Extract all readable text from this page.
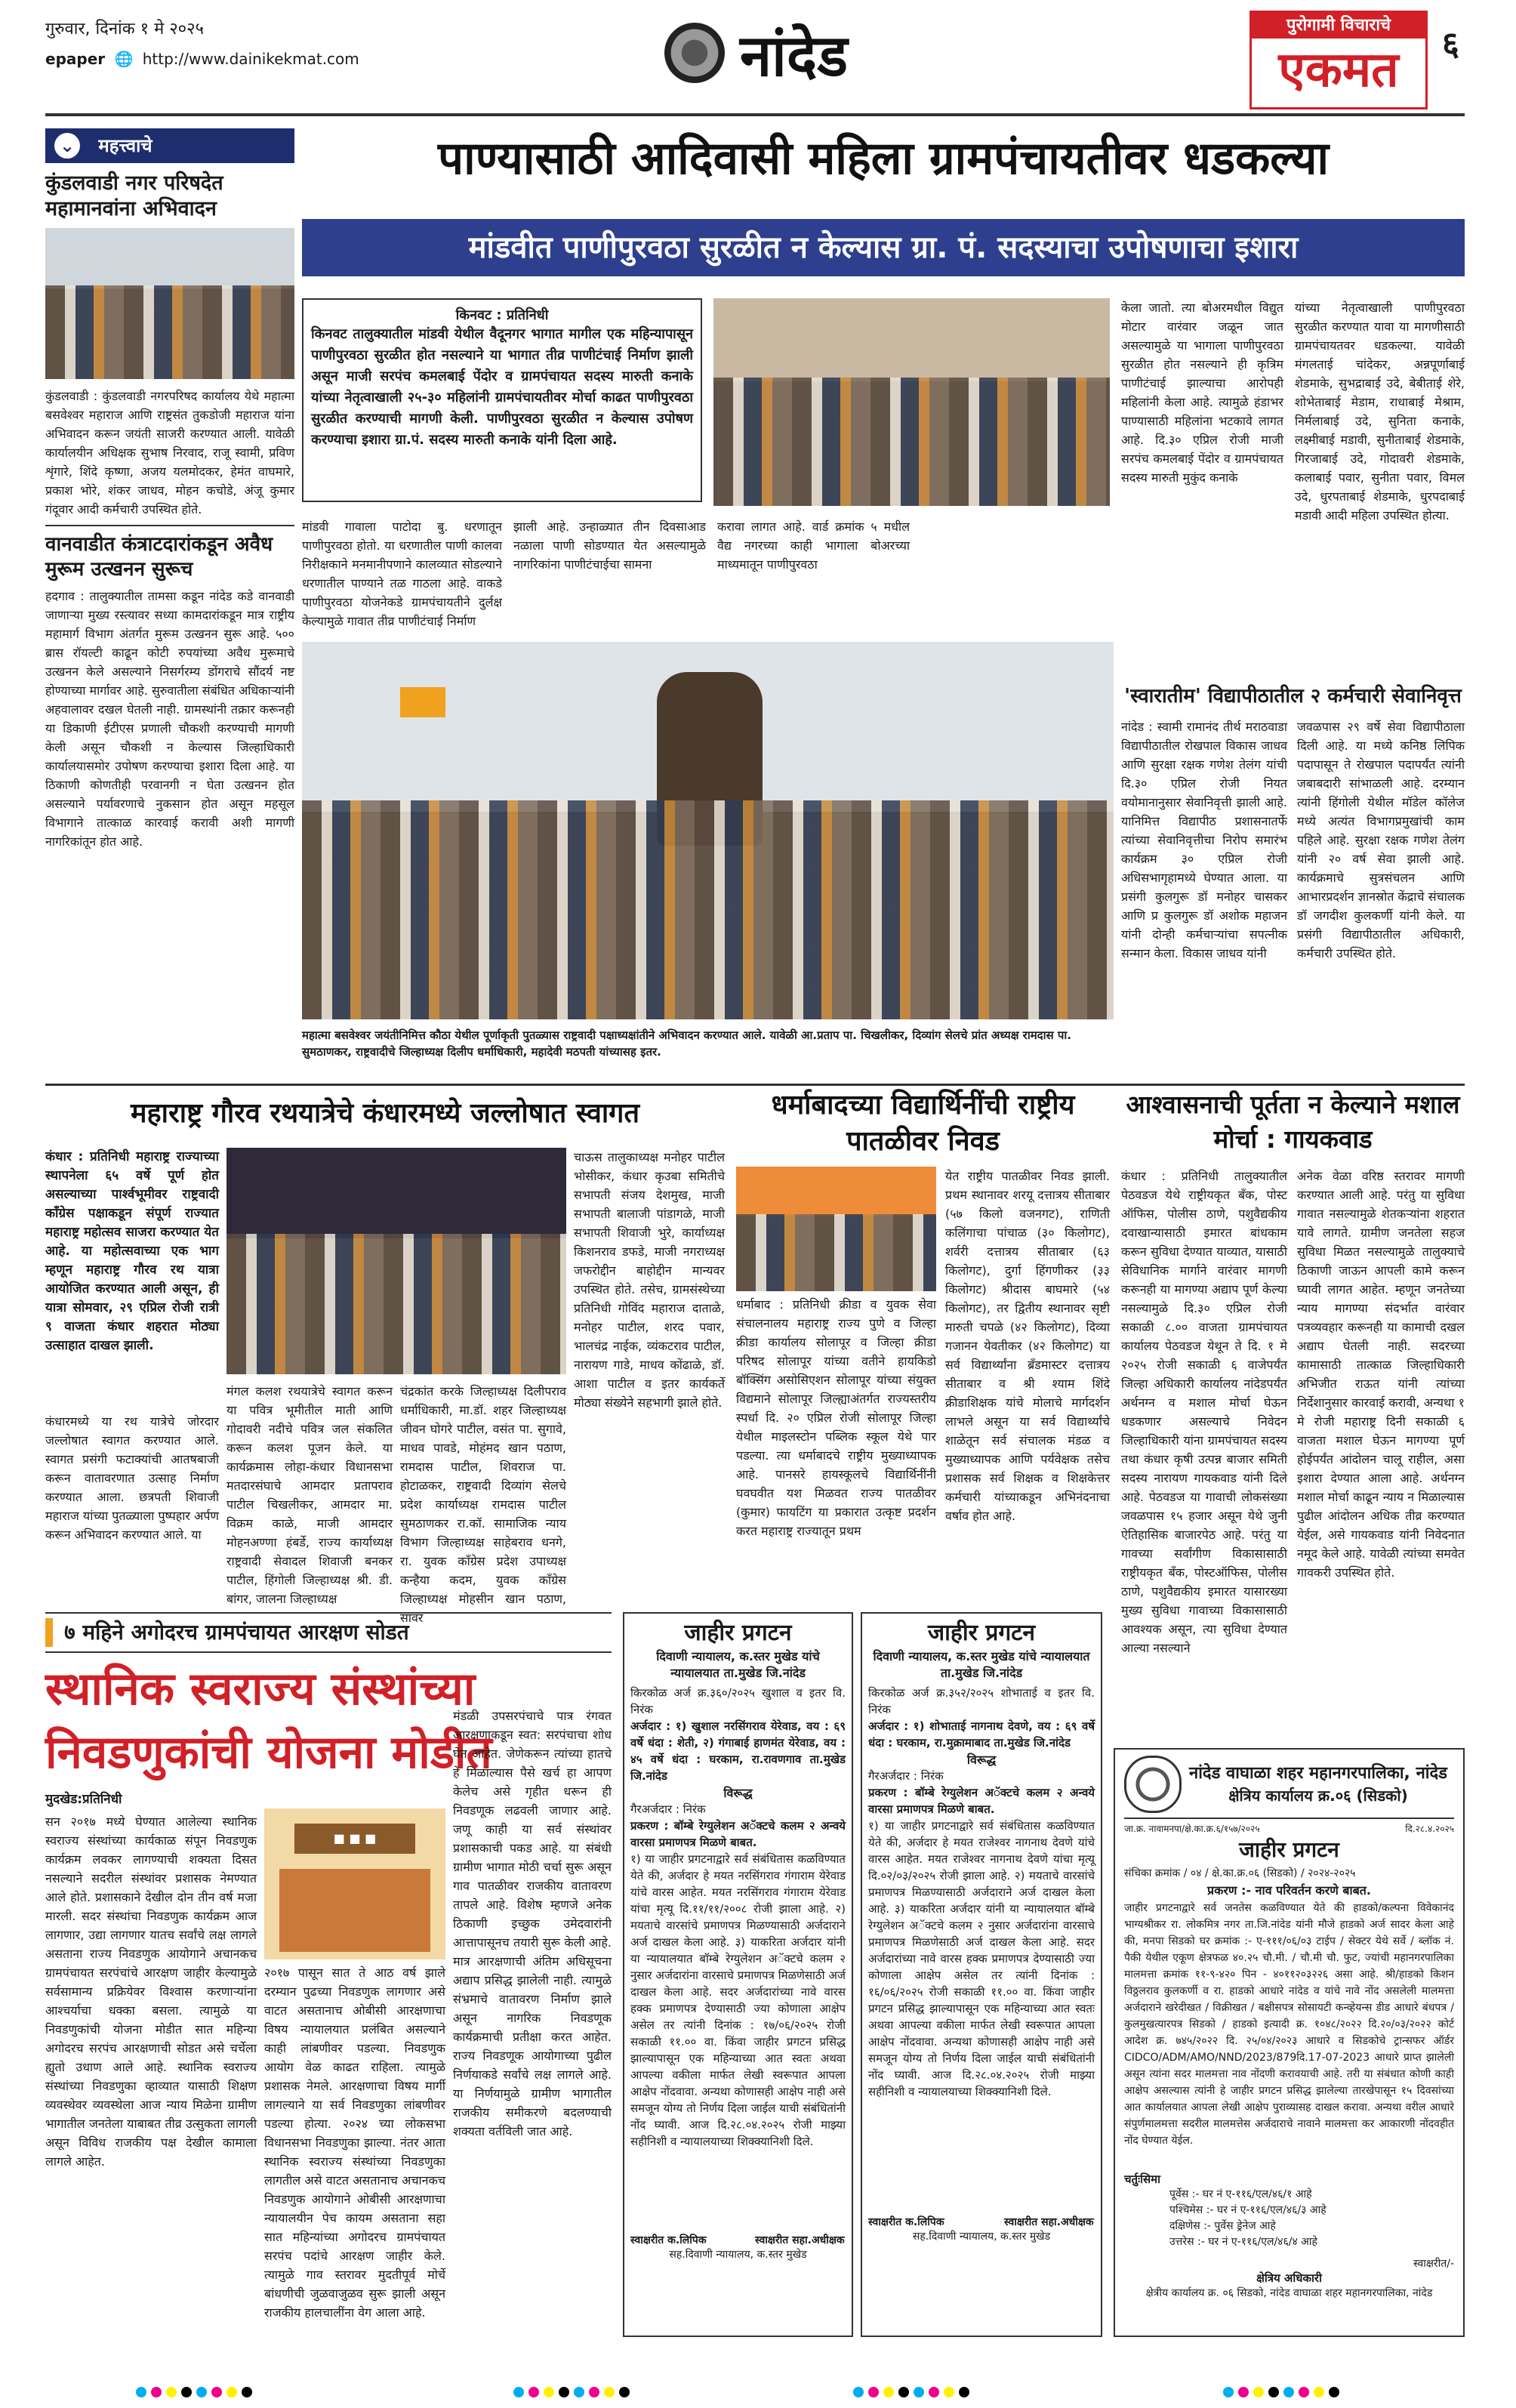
गुरुवार, दिनांक १ मे २०२५
epaper 🌐 http://www.dainikekmat.com	नांदेड	पुरोगामी विचाराचे
एकमत	६
⌄ महत्त्वाचे
कुंडलवाडी नगर परिषदेत महामानवांना अभिवादन
कुंडलवाडी : कुंडलवाडी नगरपरिषद कार्यालय येथे महात्मा बसवेश्वर महाराज आणि राष्ट्रसंत तुकडोजी महाराज यांना अभिवादन करून जयंती साजरी करण्यात आली. यावेळी कार्यालयीन अधिक्षक सुभाष निरवाद, राजू स्वामी, प्रविण शृंगारे, शिंदे कृष्णा, अजय यलमोदकर, हेमंत वाघमारे, प्रकाश भोरे, शंकर जाधव, मोहन कचोडे, अंजू कुमार गंदूवार आदी कर्मचारी उपस्थित होते.
वानवाडीत कंत्राटदारांकडून अवैध मुरूम उत्खनन सुरूच
हदगाव : तालुक्यातील तामसा कडून नांदेड कडे वानवाडी जाणाऱ्या मुख्य रस्त्यावर सध्या कामदारांकडून मात्र राष्ट्रीय महामार्ग विभाग अंतर्गत मुरूम उत्खनन सुरू आहे. ५०० ब्रास रॉयल्टी काढून कोटी रुपयांच्या अवैध मुरूमाचे उत्खनन केले असल्याने निसर्गरम्य डोंगराचे सौंदर्य नष्ट होण्याच्या मार्गावर आहे. सुरुवातीला संबंधित अधिकाऱ्यांनी अहवालावर दखल घेतली नाही. ग्रामस्थांनी तक्रार करूनही या डिकाणी ईटीएस प्रणाली चौकशी करण्याची मागणी केली असून चौकशी न केल्यास जिल्हाधिकारी कार्यालयासमोर उपोषण करण्याचा इशारा दिला आहे. या ठिकाणी कोणतीही परवानगी न घेता उत्खनन होत असल्याने पर्यावरणाचे नुकसान होत असून महसूल विभागाने तात्काळ कारवाई करावी अशी मागणी नागरिकांतून होत आहे.
पाण्यासाठी आदिवासी महिला ग्रामपंचायतीवर धडकल्या
मांडवीत पाणीपुरवठा सुरळीत न केल्यास ग्रा. पं. सदस्याचा उपोषणाचा इशारा
किनवट : प्रतिनिधी
किनवट तालुक्यातील मांडवी येथील वैदूनगर भागात मागील एक महिन्यापासून पाणीपुरवठा सुरळीत होत नसल्याने या भागात तीव्र पाणीटंचाई निर्माण झाली असून माजी सरपंच कमलबाई पेंदोर व ग्रामपंचायत सदस्य मारुती कनाके यांच्या नेतृत्वाखाली २५-३० महिलांनी ग्रामपंचायतीवर मोर्चा काढत पाणीपुरवठा सुरळीत करण्याची मागणी केली. पाणीपुरवठा सुरळीत न केल्यास उपोषण करण्याचा इशारा ग्रा.पं. सदस्य मारुती कनाके यांनी दिला आहे.
केला जातो. त्या बोअरमधील विद्युत मोटार वारंवार जळून जात असल्यामुळे या भागाला पाणीपुरवठा सुरळीत होत नसल्याने ही कृत्रिम पाणीटंचाई झाल्याचा आरोपही महिलांनी केला आहे. त्यामुळे हंडाभर पाण्यासाठी महिलांना भटकावे लागत आहे. दि.३० एप्रिल रोजी माजी सरपंच कमलबाई पेंदोर व ग्रामपंचायत सदस्य मारुती मुकुंद कनाके
यांच्या नेतृत्वाखाली पाणीपुरवठा सुरळीत करण्यात यावा या मागणीसाठी ग्रामपंचायतवर धडकल्या. यावेळी मंगलताई चांदेकर, अन्नपूर्णाबाई शेडमाके, सुभद्राबाई उदे, बेबीताई शेरे, शोभेताबाई मेडाम, राधाबाई मेश्राम, निर्मलाबाई उदे, सुनिता कनाके, लक्ष्मीबाई मडावी, सुनीताबाई शेडमाके, गिरजाबाई उदे, गोदावरी शेडमाके, कलाबाई पवार, सुनीता पवार, विमल उदे, धुरपताबाई शेडमाके, धुरपदाबाई मडावी आदी महिला उपस्थित होत्या.
मांडवी गावाला पाटोदा बु. धरणातून पाणीपुरवठा होतो. या धरणातील पाणी कालवा निरीक्षकाने मनमानीपणाने कालव्यात सोडल्याने धरणातील पाण्याने तळ गाठला आहे. वाकडे पाणीपुरवठा योजनेकडे ग्रामपंचायतीने दुर्लक्ष केल्यामुळे गावात तीव्र पाणीटंचाई निर्माण
झाली आहे. उन्हाळ्यात तीन दिवसाआड नळाला पाणी सोडण्यात येत असल्यामुळे नागरिकांना पाणीटंचाईचा सामना
करावा लागत आहे. वार्ड क्रमांक ५ मधील वैद्य नगरच्या काही भागाला बोअरच्या माध्यमातून पाणीपुरवठा
महात्मा बसवेश्वर जयंतीनिमित्त कौठा येथील पूर्णाकृती पुतळ्यास राष्ट्रवादी पक्षाध्यक्षांतीने अभिवादन करण्यात आले. यावेळी आ.प्रताप पा. चिखलीकर, दिव्यांग सेलचे प्रांत अध्यक्ष रामदास पा. सुमठाणकर, राष्ट्रवादीचे जिल्हाध्यक्ष दिलीप धर्माधिकारी, महादेवी मठपती यांच्यासह इतर.
'स्वारातीम' विद्यापीठातील २ कर्मचारी सेवानिवृत्त
नांदेड : स्वामी रामानंद तीर्थ मराठवाडा विद्यापीठातील रोखपाल विकास जाधव आणि सुरक्षा रक्षक गणेश तेलंग यांची दि.३० एप्रिल रोजी नियत वयोमानानुसार सेवानिवृत्ती झाली आहे. यानिमित्त विद्यापीठ प्रशासनातर्फे त्यांच्या सेवानिवृत्तीचा निरोप समारंभ कार्यक्रम ३० एप्रिल रोजी अधिसभागृहामध्ये घेण्यात आला. या प्रसंगी कुलगुरू डॉ मनोहर चासकर आणि प्र कुलगुरू डॉ अशोक महाजन यांनी दोन्ही कर्मचाऱ्यांचा सपत्नीक सन्मान केला. विकास जाधव यांनी
जवळपास २९ वर्षे सेवा विद्यापीठाला दिली आहे. या मध्ये कनिष्ठ लिपिक पदापासून ते रोखपाल पदापर्यंत त्यांनी जबाबदारी सांभाळली आहे. दरम्यान त्यांनी हिंगोली येथील मॉडेल कॉलेज मध्ये अत्यंत विभागप्रमुखांची काम पहिले आहे. सुरक्षा रक्षक गणेश तेलंग यांनी २० वर्ष सेवा झाली आहे. कार्यक्रमाचे सुत्रसंचलन आणि आभारप्रदर्शन ज्ञानस्रोत केंद्राचे संचालक डॉ जगदीश कुलकर्णी यांनी केले. या प्रसंगी विद्यापीठातील अधिकारी, कर्मचारी उपस्थित होते.
महाराष्ट्र गौरव रथयात्रेचे कंधारमध्ये जल्लोषात स्वागत
कंधार : प्रतिनिधी महाराष्ट्र राज्याच्या स्थापनेला ६५ वर्षे पूर्ण होत असल्याच्या पार्श्वभूमीवर राष्ट्रवादी काँग्रेस पक्षाकडून संपूर्ण राज्यात महाराष्ट्र महोत्सव साजरा करण्यात येत आहे. या महोत्सवाच्या एक भाग म्हणून महाराष्ट्र गौरव रथ यात्रा आयोजित करण्यात आली असून, ही यात्रा सोमवार, २९ एप्रिल रोजी रात्री ९ वाजता कंधार शहरात मोठ्या उत्साहात दाखल झाली.
चाऊस तालुकाध्यक्ष मनोहर पाटील भोसीकर, कंधार कृउबा समितीचे सभापती संजय देशमुख, माजी सभापती बालाजी पांडागळे, माजी सभापती शिवाजी भुरे, कार्याध्यक्ष किशनराव डफडे, माजी नगराध्यक्ष जफरोद्दीन बाहोद्दीन मान्यवर उपस्थित होते. तसेच, ग्रामसंस्थेच्या प्रतिनिधी गोविंद महाराज दाताळे, मनोहर पाटील, शरद पवार, भालचंद्र नाईक, व्यंकटराव पाटील, नारायण गाडे, माधव कोंढाळे, डॉ. आशा पाटील व इतर कार्यकर्ते मोठ्या संख्येने सहभागी झाले होते.
कंधारमध्ये या रथ यात्रेचे जोरदार जल्लोषात स्वागत करण्यात आले. स्वागत प्रसंगी फटाक्यांची आतषबाजी करून वातावरणात उत्साह निर्माण करण्यात आला. छत्रपती शिवाजी महाराज यांच्या पुतळ्याला पुष्पहार अर्पण करून अभिवादन करण्यात आले. या
मंगल कलश रथयात्रेचे स्वागत करून या पवित्र भूमीतील माती आणि गोदावरी नदीचे पवित्र जल संकलित करून कलश पूजन केले. या कार्यक्रमास लोहा-कंधार विधानसभा मतदारसंघाचे आमदार प्रतापराव पाटील चिखलीकर, आमदार मा. विक्रम काळे, माजी आमदार मोहनअण्णा हंबर्डे, राज्य कार्याध्यक्ष राष्ट्रवादी सेवादल शिवाजी बनकर पाटील, हिंगोली जिल्हाध्यक्ष श्री. डी. बांगर, जालना जिल्हाध्यक्ष
चंद्रकांत करके जिल्हाध्यक्ष दिलीपराव धर्माधिकारी, मा.डॉ. शहर जिल्हाध्यक्ष जीवन घोगरे पाटील, वसंत पा. सुगावे, माधव पावडे, मोहंमद खान पठाण, रामदास पाटील, शिवराज पा. होटाळकर, राष्ट्रवादी दिव्यांग सेलचे प्रदेश कार्याध्यक्ष रामदास पाटील सुमठाणकर रा.कॉ. सामाजिक न्याय विभाग जिल्हाध्यक्ष साहेबराव धनगे, रा. युवक काँग्रेस प्रदेश उपाध्यक्ष कन्हैया कदम, युवक काँग्रेस जिल्हाध्यक्ष मोहसीन खान पठाण, सावर
धर्माबादच्या विद्यार्थिनींची राष्ट्रीय पातळीवर निवड
धर्माबाद : प्रतिनिधी क्रीडा व युवक सेवा संचालनालय महाराष्ट्र राज्य पुणे व जिल्हा क्रीडा कार्यालय सोलापूर व जिल्हा क्रीडा परिषद सोलापूर यांच्या वतीने हायकिडो बॉक्सिंग असोसिएशन सोलापूर यांच्या संयुक्त विद्यमाने सोलापूर जिल्ह्याअंतर्गत राज्यस्तरीय स्पर्धा दि. २० एप्रिल रोजी सोलापूर जिल्हा येथील माइलस्टोन पब्लिक स्कूल येथे पार पडल्या. त्या धर्माबादचे राष्ट्रीय मुख्याध्यापक आहे. पानसरे हायस्कूलचे विद्यार्थिनींनी घवघवीत यश मिळवत राज्य पातळीवर (कुमार) फायटिंग या प्रकारात उत्कृष्ट प्रदर्शन करत महाराष्ट्र राज्यातून प्रथम
येत राष्ट्रीय पातळीवर निवड झाली. प्रथम स्थानावर शरयू दत्तात्रय सीताबार (५७ किलो वजनगट), राणिती कलिंगाचा पांचाळ (३० किलोगट), शर्वरी दत्तात्रय सीताबार (६३ किलोगट), दुर्गा हिंगणीकर (३३ किलोगट) श्रीदास बाघमारे (५४ किलोगट), तर द्वितीय स्थानावर सृष्टी मारुती चपळे (४२ किलोगट), दिव्या गजानन येवतीकर (४२ किलोगट) या सर्व विद्यार्थ्यांना ब्रँडमास्टर दत्तात्रय सीताबार व श्री श्याम शिंदे क्रीडाशिक्षक यांचे मोलाचे मार्गदर्शन लाभले असून या सर्व विद्यार्थ्यांचे शाळेतून सर्व संचालक मंडळ व मुख्याध्यापक आणि पर्यवेक्षक तसेच प्रशासक सर्व शिक्षक व शिक्षकेत्तर कर्मचारी यांच्याकडून अभिनंदनाचा वर्षाव होत आहे.
आश्वासनाची पूर्तता न केल्याने मशाल मोर्चा : गायकवाड
कंधार : प्रतिनिधी तालुक्यातील पेठवडज येथे राष्ट्रीयकृत बँक, पोस्ट ऑफिस, पोलीस ठाणे, पशुवैद्यकीय दवाखान्यासाठी इमारत बांधकाम करून सुविधा देण्यात याव्यात, यासाठी सेविधानिक मार्गाने वारंवार मागणी करूनही या मागण्या अद्याप पूर्ण केल्या नसल्यामुळे दि.३० एप्रिल रोजी सकाळी ८.०० वाजता ग्रामपंचायत कार्यालय पेठवडज येथून ते दि. १ मे २०२५ रोजी सकाळी ६ वाजेपर्यंत जिल्हा अधिकारी कार्यालय नांदेडपर्यंत अर्थनग्न व मशाल मोर्चा घेऊन धडकणार असल्याचे निवेदन जिल्हाधिकारी यांना ग्रामपंचायत सदस्य तथा कंधार कृषी उत्पन्न बाजार समिती सदस्य नारायण गायकवाड यांनी दिले आहे. पेठवडज या गावाची लोकसंख्या जवळपास १५ हजार असून येथे जुनी ऐतिहासिक बाजारपेठ आहे. परंतु या गावच्या सर्वांगीण विकासासाठी राष्ट्रीयकृत बँक, पोस्टऑफिस, पोलीस ठाणे, पशुवैद्यकीय इमारत यासारख्या मुख्य सुविधा गावाच्या विकासासाठी आवश्यक असून, त्या सुविधा देण्यात आल्या नसल्याने
अनेक वेळा वरिष्ठ स्तरावर मागणी करण्यात आली आहे. परंतु या सुविधा गावात नसल्यामुळे शेतकऱ्यांना शहरात यावे लागते. ग्रामीण जनतेला सहज सुविधा मिळत नसल्यामुळे तालुक्याचे ठिकाणी जाऊन आपली कामे करून घ्यावी लागत आहेत. म्हणून जनतेच्या न्याय मागण्या संदर्भात वारंवार पत्रव्यवहार करूनही या कामाची दखल अद्याप घेतली नाही. सदरच्या कामासाठी तात्काळ जिल्हाधिकारी अभिजीत राऊत यांनी त्यांच्या निर्देशानुसार कारवाई करावी, अन्यथा १ मे रोजी महाराष्ट्र दिनी सकाळी ६ वाजता मशाल घेऊन मागण्या पूर्ण होईपर्यंत आंदोलन चालू राहील, असा इशारा देण्यात आला आहे. अर्थनग्न मशाल मोर्चा काढून न्याय न मिळाल्यास पुढील आंदोलन अधिक तीव्र करण्यात येईल, असे गायकवाड यांनी निवेदनात नमूद केले आहे. यावेळी त्यांच्या समवेत गावकरी उपस्थित होते.
७ महिने अगोदरच ग्रामपंचायत आरक्षण सोडत
स्थानिक स्वराज्य संस्थांच्या निवडणुकांची योजना मोडीत
मुदखेड:प्रतिनिधी
■ ■ ■
सन २०१७ मध्ये घेण्यात आलेल्या स्थानिक स्वराज्य संस्थांच्या कार्यकाळ संपून निवडणुक कार्यक्रम लवकर लागण्याची शक्यता दिसत नसल्याने सदरील संस्थांवर प्रशासक नेमण्यात आले होते. प्रशासकाने देखील दोन तीन वर्ष मजा मारली. सदर संस्थांचा निवडणुक कार्यक्रम आज लागणार, उद्या लागणार यातच सर्वांचे लक्ष लागले असताना राज्य निवडणुक आयोगाने अचानकच ग्रामपंचायत सरपंचांचे आरक्षण जाहीर केल्यामुळे सर्वसामान्य प्रक्रियेवर विश्वास करणाऱ्यांना आश्चर्याचा धक्का बसला. त्यामुळे या निवडणुकांची योजना मोडीत सात महिन्या अगोदरच सरपंच आरक्षणाची सोडत असे चर्चेला ह्युतो उधाण आले आहे. स्थानिक स्वराज्य संस्थांच्या निवडणुका व्हाव्यात यासाठी शिक्षण व्यवस्थेवर व्यवस्थेला आज न्याय मिळेना ग्रामीण भागातील जनतेला याबाबत तीव्र उत्सुकता लागली असून विविध राजकीय पक्ष देखील कामाला लागले आहेत.
२०१७ पासून सात ते आठ वर्ष झाले दरम्यान पुढच्या निवडणुक लागणार असे वाटत असतानाच ओबीसी आरक्षणाचा विषय न्यायालयात प्रलंबित असल्याने काही लांबणीवर पडल्या. निवडणुक आयोग वेळ काढत राहिला. त्यामुळे प्रशासक नेमले. आरक्षणाचा विषय मार्गी लागल्याने या सर्व निवडणुका लांबणीवर पडल्या होत्या. २०२४ च्या लोकसभा विधानसभा निवडणुका झाल्या. नंतर आता स्थानिक स्वराज्य संस्थांच्या निवडणुका लागतील असे वाटत असतानाच अचानकच निवडणुक आयोगाने ओबीसी आरक्षणाचा न्यायालयीन पेच कायम असताना सहा सात महिन्यांच्या अगोदरच ग्रामपंचायत सरपंच पदांचे आरक्षण जाहीर केले. त्यामुळे गाव स्तरावर मुदतीपूर्व मोर्चे बांधणीची जुळवाजुळव सुरू झाली असून राजकीय हालचालींना वेग आला आहे.
मंडळी उपसरपंचाचे पात्र रंगवत आरक्षणाकडून स्वत: सरपंचाचा शोध घेत आहेत. जेणेकरून त्यांच्या हातचे हे मिळाल्यास पैसे खर्च हा आपण केलेच असे गृहीत धरून ही निवडणूक लढवली जाणार आहे. जणू काही या सर्व संस्थांवर प्रशासकाची पकड आहे. या संबंधी ग्रामीण भागात मोठी चर्चा सुरू असून गाव पातळीवर राजकीय वातावरण तापले आहे. विशेष म्हणजे अनेक ठिकाणी इच्छुक उमेदवारांनी आत्तापासूनच तयारी सुरू केली आहे. मात्र आरक्षणाची अंतिम अधिसूचना अद्याप प्रसिद्ध झालेली नाही. त्यामुळे संभ्रमाचे वातावरण निर्माण झाले असून नागरिक निवडणूक कार्यक्रमाची प्रतीक्षा करत आहेत. राज्य निवडणूक आयोगाच्या पुढील निर्णयाकडे सर्वांचे लक्ष लागले आहे. या निर्णयामुळे ग्रामीण भागातील राजकीय समीकरणे बदलण्याची शक्यता वर्तविली जात आहे.
जाहीर प्रगटन
दिवाणी न्यायालय, क.स्तर मुखेड यांचे न्यायालयात ता.मुखेड जि.नांदेड
किरकोळ अर्ज क्र.३६०/२०२५ खुशाल व इतर वि. निरंक
अर्जदार : १) खुशाल नरसिंगराव येरेवाड, वय : ६९ वर्षे धंदा : शेती, २) गंगाबाई हाणमंत येरेवाड, वय : ४५ वर्षे धंदा : घरकाम, रा.रावणगाव ता.मुखेड जि.नांदेड
विरूद्ध
गैरअर्जदार : निरंक
प्रकरण : बॉम्बे रेग्युलेशन अॅक्टचे कलम २ अन्वये वारसा प्रमाणपत्र मिळणे बाबत.
१) या जाहीर प्रगटनाद्वारे सर्व संबंधितास कळविण्यात येते की, अर्जदार हे मयत नरसिंगराव गंगाराम येरेवाड यांचे वारस आहेत. मयत नरसिंगराव गंगाराम येरेवाड यांचा मृत्यू दि.११/११/२००८ रोजी झाला आहे. २) मयताचे वारसांचे प्रमाणपत्र मिळण्यासाठी अर्जदाराने अर्ज दाखल केला आहे. ३) याकरिता अर्जदार यांनी या न्यायालयात बॉम्बे रेग्युलेशन अॅक्टचे कलम २ नुसार अर्जदारांना वारसाचे प्रमाणपत्र मिळणेसाठी अर्ज दाखल केला आहे. सदर अर्जदारांच्या नावे वारस हक्क प्रमाणपत्र देण्यासाठी ज्या कोणाला आक्षेप असेल तर त्यांनी दिनांक : १७/०६/२०२५ रोजी सकाळी ११.०० वा. किंवा जाहीर प्रगटन प्रसिद्ध झाल्यापासून एक महिन्याच्या आत स्वतः अथवा आपल्या वकीला मार्फत लेखी स्वरूपात आपला आक्षेप नोंदवावा. अन्यथा कोणासही आक्षेप नाही असे समजून योग्य तो निर्णय दिला जाईल याची संबंधितांनी नोंद घ्यावी. आज दि.२८.०४.२०२५ रोजी माझ्या सहीनिशी व न्यायालयाच्या शिक्क्यानिशी दिले.
स्वाक्षरीत क.लिपिक	स्वाक्षरीत सहा.अधीक्षक
सह.दिवाणी न्यायालय, क.स्तर मुखेड
जाहीर प्रगटन
दिवाणी न्यायालय, क.स्तर मुखेड यांचे न्यायालयात ता.मुखेड जि.नांदेड
किरकोळ अर्ज क्र.३५२/२०२५ शोभाताई व इतर वि. निरंक
अर्जदार : १) शोभाताई नागनाथ देवणे, वय : ६९ वर्षे धंदा : घरकाम, रा.मुक्रामाबाद ता.मुखेड जि.नांदेड
विरूद्ध
गैरअर्जदार : निरंक
प्रकरण : बॉम्बे रेग्युलेशन अॅक्टचे कलम २ अन्वये वारसा प्रमाणपत्र मिळणे बाबत.
१) या जाहीर प्रगटनाद्वारे सर्व संबंधितास कळविण्यात येते की, अर्जदार हे मयत राजेश्वर नागनाथ देवणे यांचे वारस आहेत. मयत राजेश्वर नागनाथ देवणे यांचा मृत्यू दि.०२/०३/२०२५ रोजी झाला आहे. २) मयताचे वारसांचे प्रमाणपत्र मिळण्यासाठी अर्जदाराने अर्ज दाखल केला आहे. ३) याकरिता अर्जदार यांनी या न्यायालयात बॉम्बे रेग्युलेशन अॅक्टचे कलम २ नुसार अर्जदारांना वारसाचे प्रमाणपत्र मिळणेसाठी अर्ज दाखल केला आहे. सदर अर्जदारांच्या नावे वारस हक्क प्रमाणपत्र देण्यासाठी ज्या कोणाला आक्षेप असेल तर त्यांनी दिनांक : १६/०६/२०२५ रोजी सकाळी ११.०० वा. किंवा जाहीर प्रगटन प्रसिद्ध झाल्यापासून एक महिन्याच्या आत स्वतः अथवा आपल्या वकीला मार्फत लेखी स्वरूपात आपला आक्षेप नोंदवावा. अन्यथा कोणासही आक्षेप नाही असे समजून योग्य तो निर्णय दिला जाईल याची संबंधितांनी नोंद घ्यावी. आज दि.२८.०४.२०२५ रोजी माझ्या सहीनिशी व न्यायालयाच्या शिक्क्यानिशी दिले.
स्वाक्षरीत क.लिपिक	स्वाक्षरीत सहा.अधीक्षक
सह.दिवाणी न्यायालय, क.स्तर मुखेड
नांदेड वाघाळा शहर महानगरपालिका, नांदेड
क्षेत्रिय कार्यालय क्र.०६ (सिडको)
जा.क्र. नावामनपा/क्षे.का.क्र.६/१५७/२०२५	दि.२८.४.२०२५
जाहीर प्रगटन
संचिका क्रमांक / ०४ / क्षे.का.क्र.०६ (सिडको) / २०२४-२०२५
प्रकरण :- नाव परिवर्तन करणे बाबत.
जाहीर प्रगटनाद्वारे सर्व जनतेस कळविण्यात येते की हाडको/कल्पना विवेकानंद भाग्यश्रीकर रा. लोकमित्र नगर ता.जि.नांदेड यांनी मौजे हाडको अर्ज सादर केला आहे की, मनपा सिडको घर क्रमांक :- ए-१११/०६/०३ टाईप / सेक्टर येथे सर्वे / ब्लॉक नं. पैकी येथील एकूण क्षेत्रफळ ४०.२५ चौ.मी. / चौ.मी चौ. फुट, ज्यांची महानगरपालिका मालमत्ता क्रमांक ११-९-४२० पिन - ४०११२०३२२६ असा आहे. श्री/हाडको किशन विठ्ठलराव कुलकर्णी व रा. हाडको आधारे नांदेड व यांचे नावे नोंद असलेली मालमत्ता अर्जदाराने खरेदीखत / विक्रीखत / बक्षीसपत्र सोसायटी कन्व्हेयन्स डीड आधारे बंधपत्र / कुलमुखत्यारपत्र सिडको / हाडको इत्यादी क्र. १०४८/२०२२ दि.२०/०३/२०२२ कोर्ट आदेश क्र. ७४५/२०२२ दि. २५/०४/२०२३ आधारे व सिडकोचे ट्रान्सफर ऑर्डर CIDCO/ADM/AMO/NND/2023/879दि.17-07-2023 आधारे प्राप्त झालेली असून त्यांना सदर मालमत्ता नाव नोंदणी करावयाची आहे. तरी या संबंधात कोणी काही आक्षेप असल्यास त्यांनी हे जाहीर प्रगटन प्रसिद्ध झालेल्या तारखेपासून १५ दिवसांच्या आत कार्यालयात आपला लेखी आक्षेप पुराव्यासह दाखल करावा. अन्यथा वरील आधारे संपुर्णमालमत्ता सदरील मालमत्तेस अर्जदाराचे नावाने मालमत्ता कर आकारणी नोंदवहीत नोंद घेण्यात येईल.
चर्तुःसिमा
पूर्वेस :- घर नं ए-११६/एल/४६/१ आहे
पश्चिमेस :- घर नं ए-११६/एल/४६/३ आहे
दक्षिणेस :- पुर्वेस ड्रेनेज आहे
उत्तरेस :- घर नं ए-११६/एल/४६/४ आहे
स्वाक्षरीत/-
क्षेत्रिय अधिकारी
क्षेत्रीय कार्यालय क्र. ०६ सिडको, नांदेड वाघाळा शहर महानगरपालिका, नांदेड
